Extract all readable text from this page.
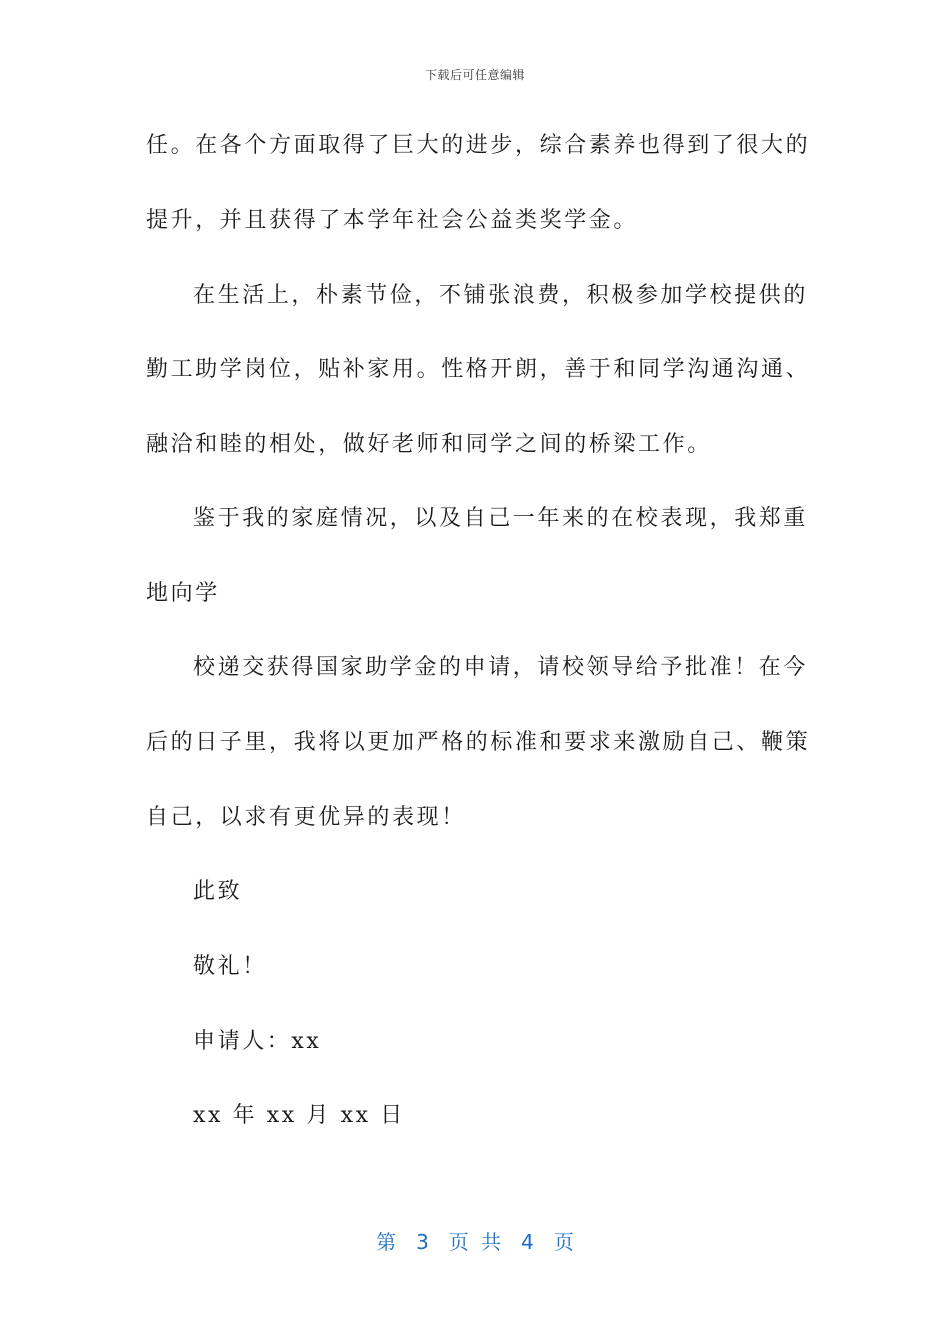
下载后可任意编辑
任。在各个方面取得了巨大的进步，综合素养也得到了很大的
提升，并且获得了本学年社会公益类奖学金。
在生活上，朴素节俭，不铺张浪费，积极参加学校提供的
勤工助学岗位，贴补家用。性格开朗，善于和同学沟通沟通、
融洽和睦的相处，做好老师和同学之间的桥梁工作。
鉴于我的家庭情况，以及自己一年来的在校表现，我郑重
地向学
校递交获得国家助学金的申请，请校领导给予批准！在今
后的日子里，我将以更加严格的标准和要求来激励自己、鞭策
自己，以求有更优异的表现！
此致
敬礼！
申请人：xx
xx 年 xx 月 xx 日
第 3 页 共 4 页
